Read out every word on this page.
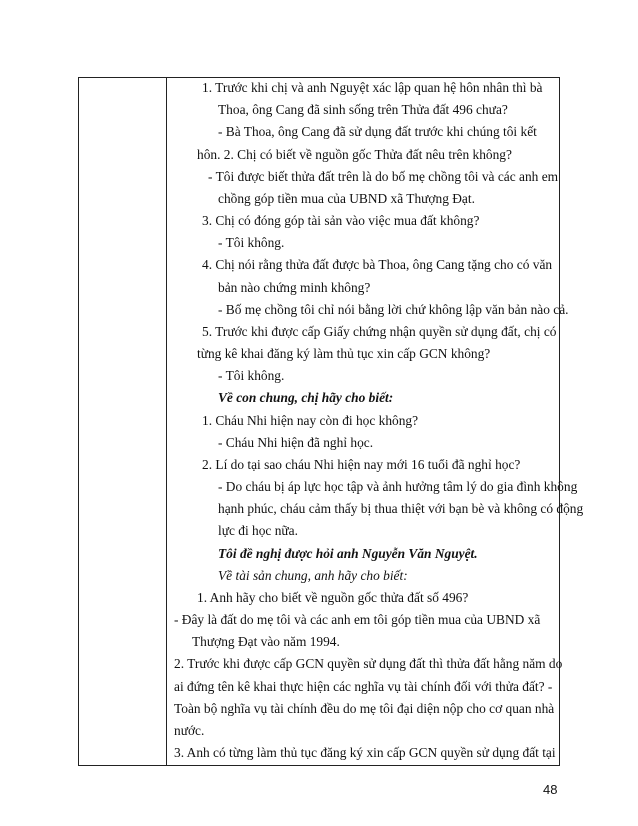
1. Trước khi chị và anh Nguyệt xác lập quan hệ hôn nhân thì bà
Thoa, ông Cang đã sinh sống trên Thửa đất 496 chưa?
- Bà Thoa, ông Cang đã sử dụng đất trước khi chúng tôi kết
hôn. 2. Chị có biết về nguồn gốc Thửa đất nêu trên không?
- Tôi được biết thửa đất trên là do bố mẹ chồng tôi và các anh em
chồng góp tiền mua của UBND xã Thượng Đạt.
3. Chị có đóng góp tài sản vào việc mua đất không?
- Tôi không.
4. Chị nói rằng thửa đất được bà Thoa, ông Cang tặng cho có văn
bản nào chứng minh không?
- Bố mẹ chồng tôi chỉ nói bằng lời chứ không lập văn bản nào cả.
5. Trước khi được cấp Giấy chứng nhận quyền sử dụng đất, chị có
từng kê khai đăng ký làm thủ tục xin cấp GCN không?
- Tôi không.
Về con chung, chị hãy cho biết:
1. Cháu Nhi hiện nay còn đi học không?
- Cháu Nhi hiện đã nghỉ học.
2. Lí do tại sao cháu Nhi hiện nay mới 16 tuổi đã nghỉ học?
- Do cháu bị áp lực học tập và ảnh hưởng tâm lý do gia đình không
hạnh phúc, cháu cảm thấy bị thua thiệt với bạn bè và không có động
lực đi học nữa.
Tôi đề nghị được hỏi anh Nguyễn Văn Nguyệt.
Về tài sản chung, anh hãy cho biết:
1. Anh hãy cho biết về nguồn gốc thửa đất số 496?
- Đây là đất do mẹ tôi và các anh em tôi góp tiền mua của UBND xã
Thượng Đạt vào năm 1994.
2. Trước khi được cấp GCN quyền sử dụng đất thì thửa đất hằng năm do
ai đứng tên kê khai thực hiện các nghĩa vụ tài chính đối với thửa đất? -
Toàn bộ nghĩa vụ tài chính đều do mẹ tôi đại diện nộp cho cơ quan nhà
nước.
3. Anh có từng làm thủ tục đăng ký xin cấp GCN quyền sử dụng đất tại
48
